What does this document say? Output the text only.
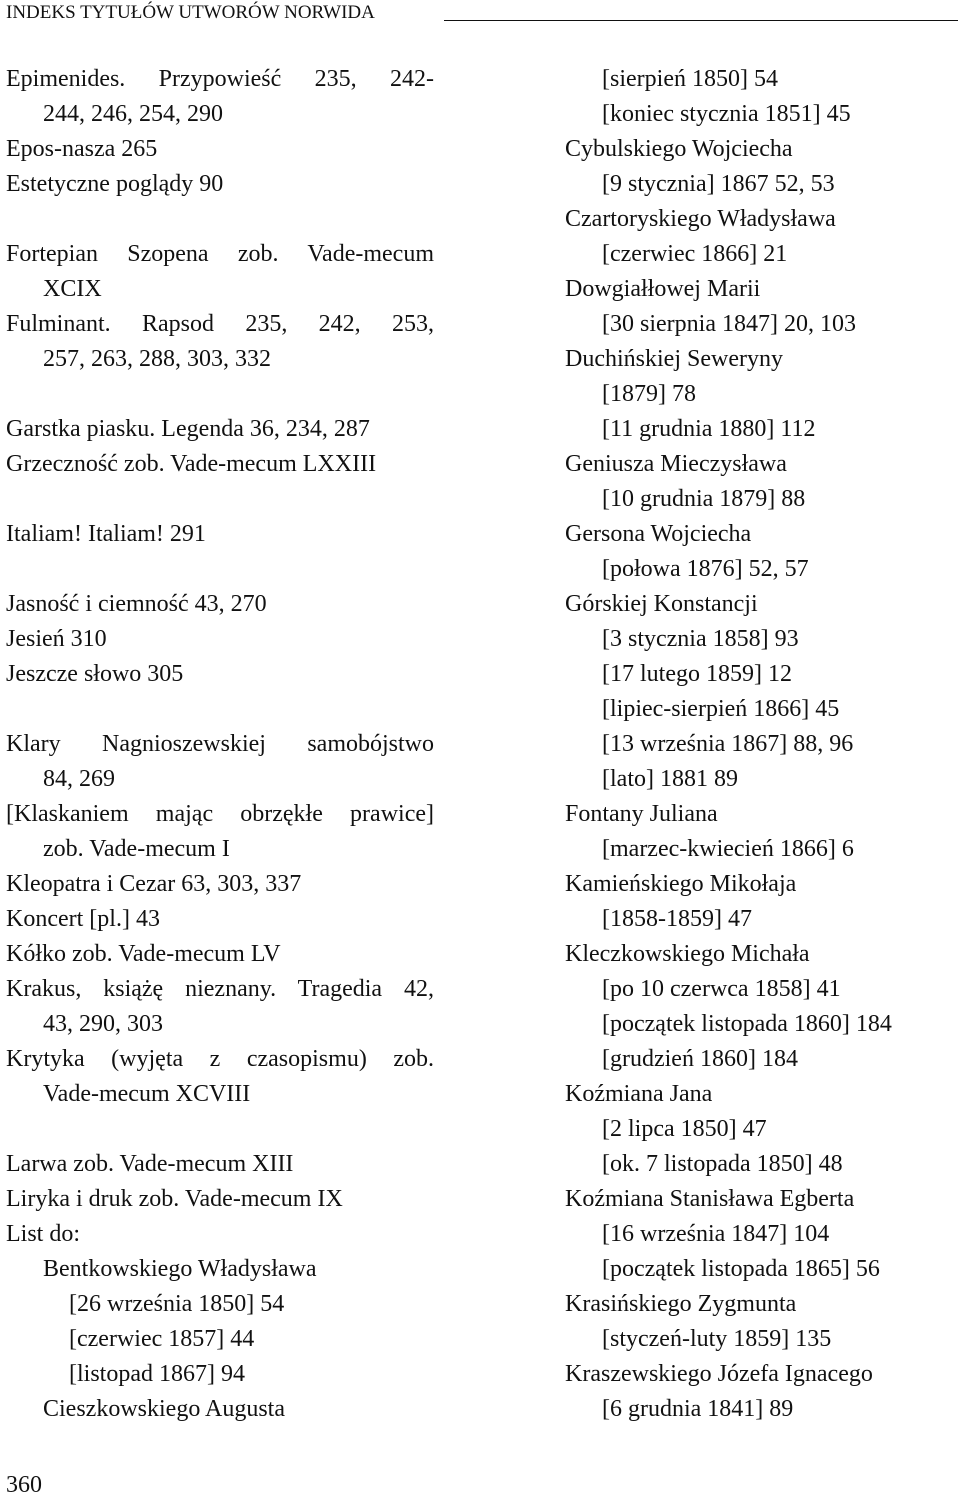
INDEKS TYTUŁÓW UTWORÓW NORWIDA
Epimenides. Przypowieść 235, 242-
244, 246, 254, 290
Epos-nasza 265
Estetyczne poglądy 90
Fortepian Szopena zob. Vade-mecum
XCIX
Fulminant. Rapsod 235, 242, 253,
257, 263, 288, 303, 332
Garstka piasku. Legenda 36, 234, 287
Grzeczność zob. Vade-mecum LXXIII
Italiam! Italiam! 291
Jasność i ciemność 43, 270
Jesień 310
Jeszcze słowo 305
Klary Nagnioszewskiej samobójstwo
84, 269
[Klaskaniem mając obrzękłe prawice]
zob. Vade-mecum I
Kleopatra i Cezar 63, 303, 337
Koncert [pl.] 43
Kółko zob. Vade-mecum LV
Krakus, książę nieznany. Tragedia 42,
43, 290, 303
Krytyka (wyjęta z czasopismu) zob.
Vade-mecum XCVIII
Larwa zob. Vade-mecum XIII
Liryka i druk zob. Vade-mecum IX
List do:
Bentkowskiego Władysława
[26 września 1850] 54
[czerwiec 1857] 44
[listopad 1867] 94
Cieszkowskiego Augusta
[sierpień 1850] 54
[koniec stycznia 1851] 45
Cybulskiego Wojciecha
[9 stycznia] 1867 52, 53
Czartoryskiego Władysława
[czerwiec 1866] 21
Dowgiałłowej Marii
[30 sierpnia 1847] 20, 103
Duchińskiej Seweryny
[1879] 78
[11 grudnia 1880] 112
Geniusza Mieczysława
[10 grudnia 1879] 88
Gersona Wojciecha
[połowa 1876] 52, 57
Górskiej Konstancji
[3 stycznia 1858] 93
[17 lutego 1859] 12
[lipiec-sierpień 1866] 45
[13 września 1867] 88, 96
[lato] 1881 89
Fontany Juliana
[marzec-kwiecień 1866] 6
Kamieńskiego Mikołaja
[1858-1859] 47
Kleczkowskiego Michała
[po 10 czerwca 1858] 41
[początek listopada 1860] 184
[grudzień 1860] 184
Koźmiana Jana
[2 lipca 1850] 47
[ok. 7 listopada 1850] 48
Koźmiana Stanisława Egberta
[16 września 1847] 104
[początek listopada 1865] 56
Krasińskiego Zygmunta
[styczeń-luty 1859] 135
Kraszewskiego Józefa Ignacego
[6 grudnia 1841] 89
360
